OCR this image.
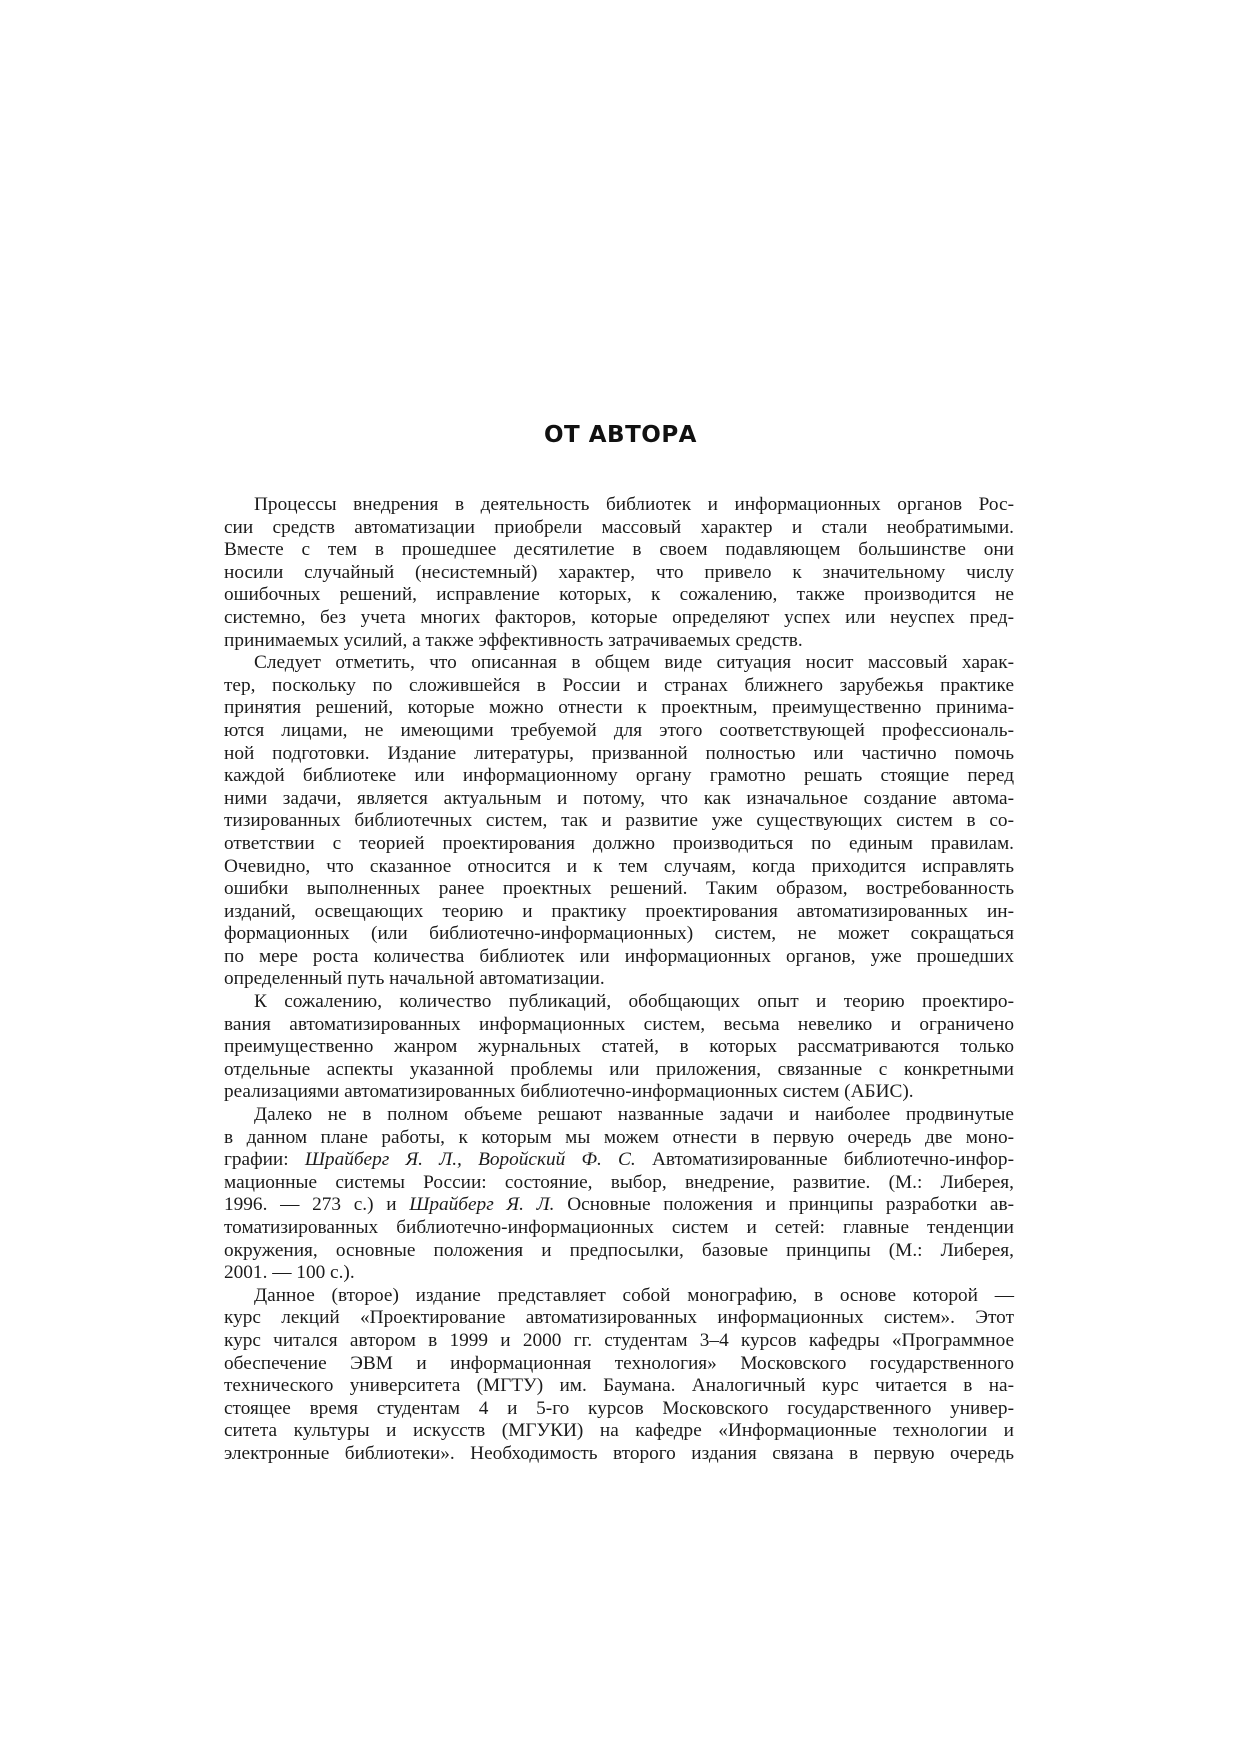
ОТ АВТОРА
Процессы внедрения в деятельность библиотек и информационных органов Рос-
сии средств автоматизации приобрели массовый характер и стали необратимыми.
Вместе с тем в прошедшее десятилетие в своем подавляющем большинстве они
носили случайный (несистемный) характер, что привело к значительному числу
ошибочных решений, исправление которых, к сожалению, также производится не
системно, без учета многих факторов, которые определяют успех или неуспех пред-
принимаемых усилий, а также эффективность затрачиваемых средств.
Следует отметить, что описанная в общем виде ситуация носит массовый харак-
тер, поскольку по сложившейся в России и странах ближнего зарубежья практике
принятия решений, которые можно отнести к проектным, преимущественно принима-
ются лицами, не имеющими требуемой для этого соответствующей профессиональ-
ной подготовки. Издание литературы, призванной полностью или частично помочь
каждой библиотеке или информационному органу грамотно решать стоящие перед
ними задачи, является актуальным и потому, что как изначальное создание автома-
тизированных библиотечных систем, так и развитие уже существующих систем в со-
ответствии с теорией проектирования должно производиться по единым правилам.
Очевидно, что сказанное относится и к тем случаям, когда приходится исправлять
ошибки выполненных ранее проектных решений. Таким образом, востребованность
изданий, освещающих теорию и практику проектирования автоматизированных ин-
формационных (или библиотечно-информационных) систем, не может сокращаться
по мере роста количества библиотек или информационных органов, уже прошедших
определенный путь начальной автоматизации.
К сожалению, количество публикаций, обобщающих опыт и теорию проектиро-
вания автоматизированных информационных систем, весьма невелико и ограничено
преимущественно жанром журнальных статей, в которых рассматриваются только
отдельные аспекты указанной проблемы или приложения, связанные с конкретными
реализациями автоматизированных библиотечно-информационных систем (АБИС).
Далеко не в полном объеме решают названные задачи и наиболее продвинутые
в данном плане работы, к которым мы можем отнести в первую очередь две моно-
графии: Шрайберг Я. Л., Воройский Ф. С. Автоматизированные библиотечно-инфор-
мационные системы России: состояние, выбор, внедрение, развитие. (М.: Либерея,
1996. — 273 с.) и Шрайберг Я. Л. Основные положения и принципы разработки ав-
томатизированных библиотечно-информационных систем и сетей: главные тенденции
окружения, основные положения и предпосылки, базовые принципы (М.: Либерея,
2001. — 100 с.).
Данное (второе) издание представляет собой монографию, в основе которой —
курс лекций «Проектирование автоматизированных информационных систем». Этот
курс читался автором в 1999 и 2000 гг. студентам 3–4 курсов кафедры «Программное
обеспечение ЭВМ и информационная технология» Московского государственного
технического университета (МГТУ) им. Баумана. Аналогичный курс читается в на-
стоящее время студентам 4 и 5-го курсов Московского государственного универ-
ситета культуры и искусств (МГУКИ) на кафедре «Информационные технологии и
электронные библиотеки». Необходимость второго издания связана в первую очередь
